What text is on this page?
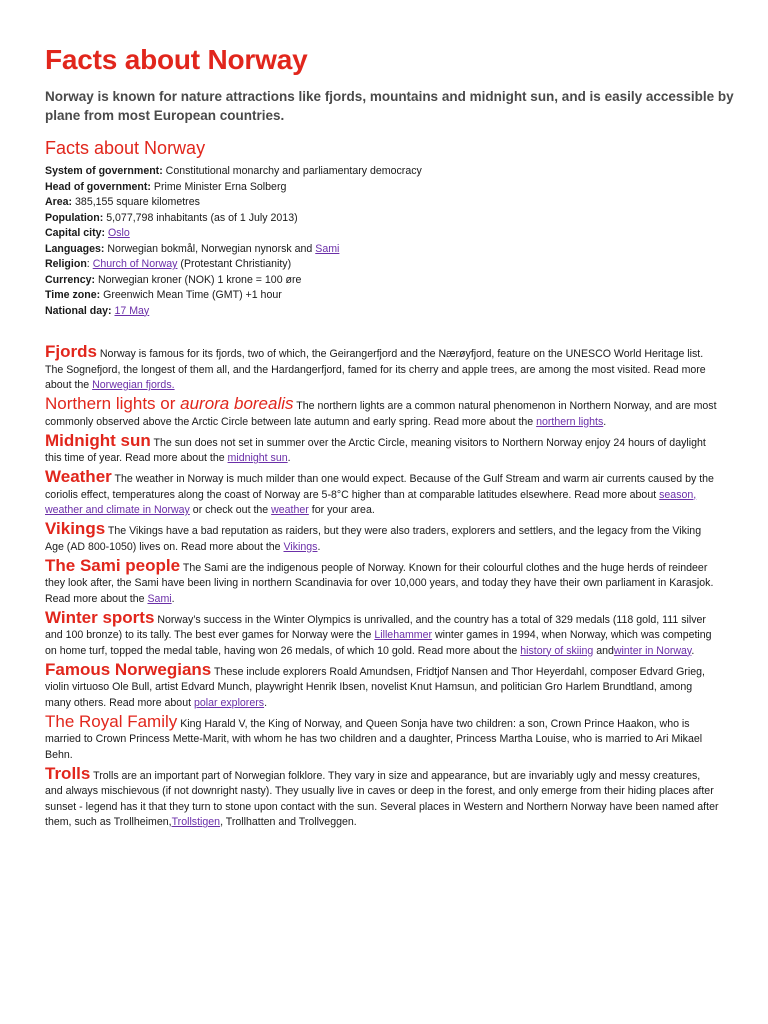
Facts about Norway

Norway is known for nature attractions like fjords, mountains and midnight sun, and is easily accessible by plane from most European countries.

Facts about Norway
System of government: Constitutional monarchy and parliamentary democracy
Head of government: Prime Minister Erna Solberg
Area: 385,155 square kilometres
Population: 5,077,798 inhabitants (as of 1 July 2013)
Capital city: Oslo
Languages: Norwegian bokmål, Norwegian nynorsk and Sami
Religion: Church of Norway (Protestant Christianity)
Currency: Norwegian kroner (NOK) 1 krone = 100 øre
Time zone: Greenwich Mean Time (GMT) +1 hour
National day: 17 May

Fjords Norway is famous for its fjords, two of which, the Geirangerfjord and the Nærøyfjord, feature on the UNESCO World Heritage list. The Sognefjord, the longest of them all, and the Hardangerfjord, famed for its cherry and apple trees, are among the most visited. Read more about the Norwegian fjords.

Northern lights or aurora borealis The northern lights are a common natural phenomenon in Northern Norway, and are most commonly observed above the Arctic Circle between late autumn and early spring. Read more about the northern lights.

Midnight sun The sun does not set in summer over the Arctic Circle, meaning visitors to Northern Norway enjoy 24 hours of daylight this time of year. Read more about the midnight sun.

Weather The weather in Norway is much milder than one would expect. Because of the Gulf Stream and warm air currents caused by the coriolis effect, temperatures along the coast of Norway are 5-8°C higher than at comparable latitudes elsewhere. Read more about season, weather and climate in Norway or check out the weather for your area.

Vikings The Vikings have a bad reputation as raiders, but they were also traders, explorers and settlers, and the legacy from the Viking Age (AD 800-1050) lives on. Read more about the Vikings.

The Sami people The Sami are the indigenous people of Norway. Known for their colourful clothes and the huge herds of reindeer they look after, the Sami have been living in northern Scandinavia for over 10,000 years, and today they have their own parliament in Karasjok. Read more about the Sami.

Winter sports Norway’s success in the Winter Olympics is unrivalled, and the country has a total of 329 medals (118 gold, 111 silver and 100 bronze) to its tally. The best ever games for Norway were the Lillehammer winter games in 1994, when Norway, which was competing on home turf, topped the medal table, having won 26 medals, of which 10 gold. Read more about the history of skiing andwinter in Norway.

Famous Norwegians These include explorers Roald Amundsen, Fridtjof Nansen and Thor Heyerdahl, composer Edvard Grieg, violin virtuoso Ole Bull, artist Edvard Munch, playwright Henrik Ibsen, novelist Knut Hamsun, and politician Gro Harlem Brundtland, among many others. Read more about polar explorers.

The Royal Family King Harald V, the King of Norway, and Queen Sonja have two children: a son, Crown Prince Haakon, who is married to Crown Princess Mette-Marit, with whom he has two children and a daughter, Princess Martha Louise, who is married to Ari Mikael Behn.

Trolls Trolls are an important part of Norwegian folklore. They vary in size and appearance, but are invariably ugly and messy creatures, and always mischievous (if not downright nasty). They usually live in caves or deep in the forest, and only emerge from their hiding places after sunset - legend has it that they turn to stone upon contact with the sun. Several places in Western and Northern Norway have been named after them, such as Trollheimen,Trollstigen, Trollhatten and Trollveggen.
